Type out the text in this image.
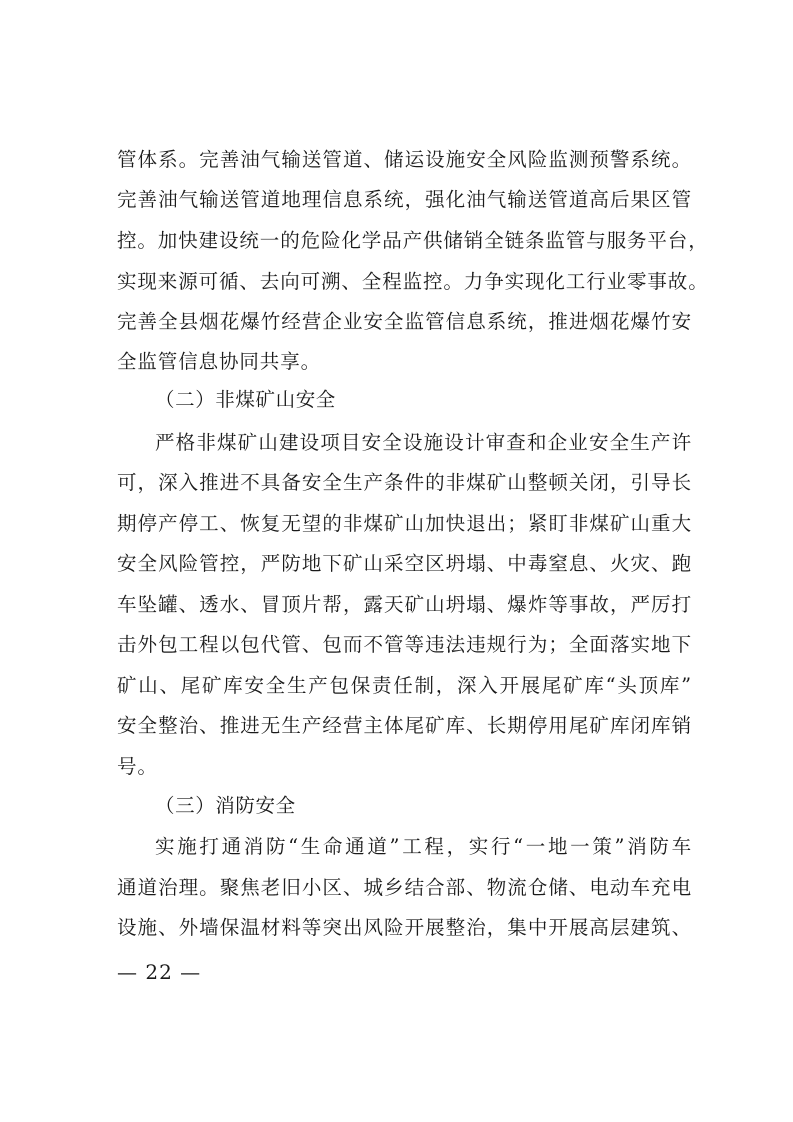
管体系。完善油气输送管道、储运设施安全风险监测预警系统。
完善油气输送管道地理信息系统，强化油气输送管道高后果区管
控。加快建设统一的危险化学品产供储销全链条监管与服务平台，
实现来源可循、去向可溯、全程监控。力争实现化工行业零事故。
完善全县烟花爆竹经营企业安全监管信息系统，推进烟花爆竹安
全监管信息协同共享。
（二）非煤矿山安全
严格非煤矿山建设项目安全设施设计审查和企业安全生产许
可，深入推进不具备安全生产条件的非煤矿山整顿关闭，引导长
期停产停工、恢复无望的非煤矿山加快退出；紧盯非煤矿山重大
安全风险管控，严防地下矿山采空区坍塌、中毒窒息、火灾、跑
车坠罐、透水、冒顶片帮，露天矿山坍塌、爆炸等事故，严厉打
击外包工程以包代管、包而不管等违法违规行为；全面落实地下
矿山、尾矿库安全生产包保责任制，深入开展尾矿库“头顶库”
安全整治、推进无生产经营主体尾矿库、长期停用尾矿库闭库销
号。
（三）消防安全
实施打通消防“生命通道”工程，实行“一地一策”消防车
通道治理。聚焦老旧小区、城乡结合部、物流仓储、电动车充电
设施、外墙保温材料等突出风险开展整治，集中开展高层建筑、
— 22 —
